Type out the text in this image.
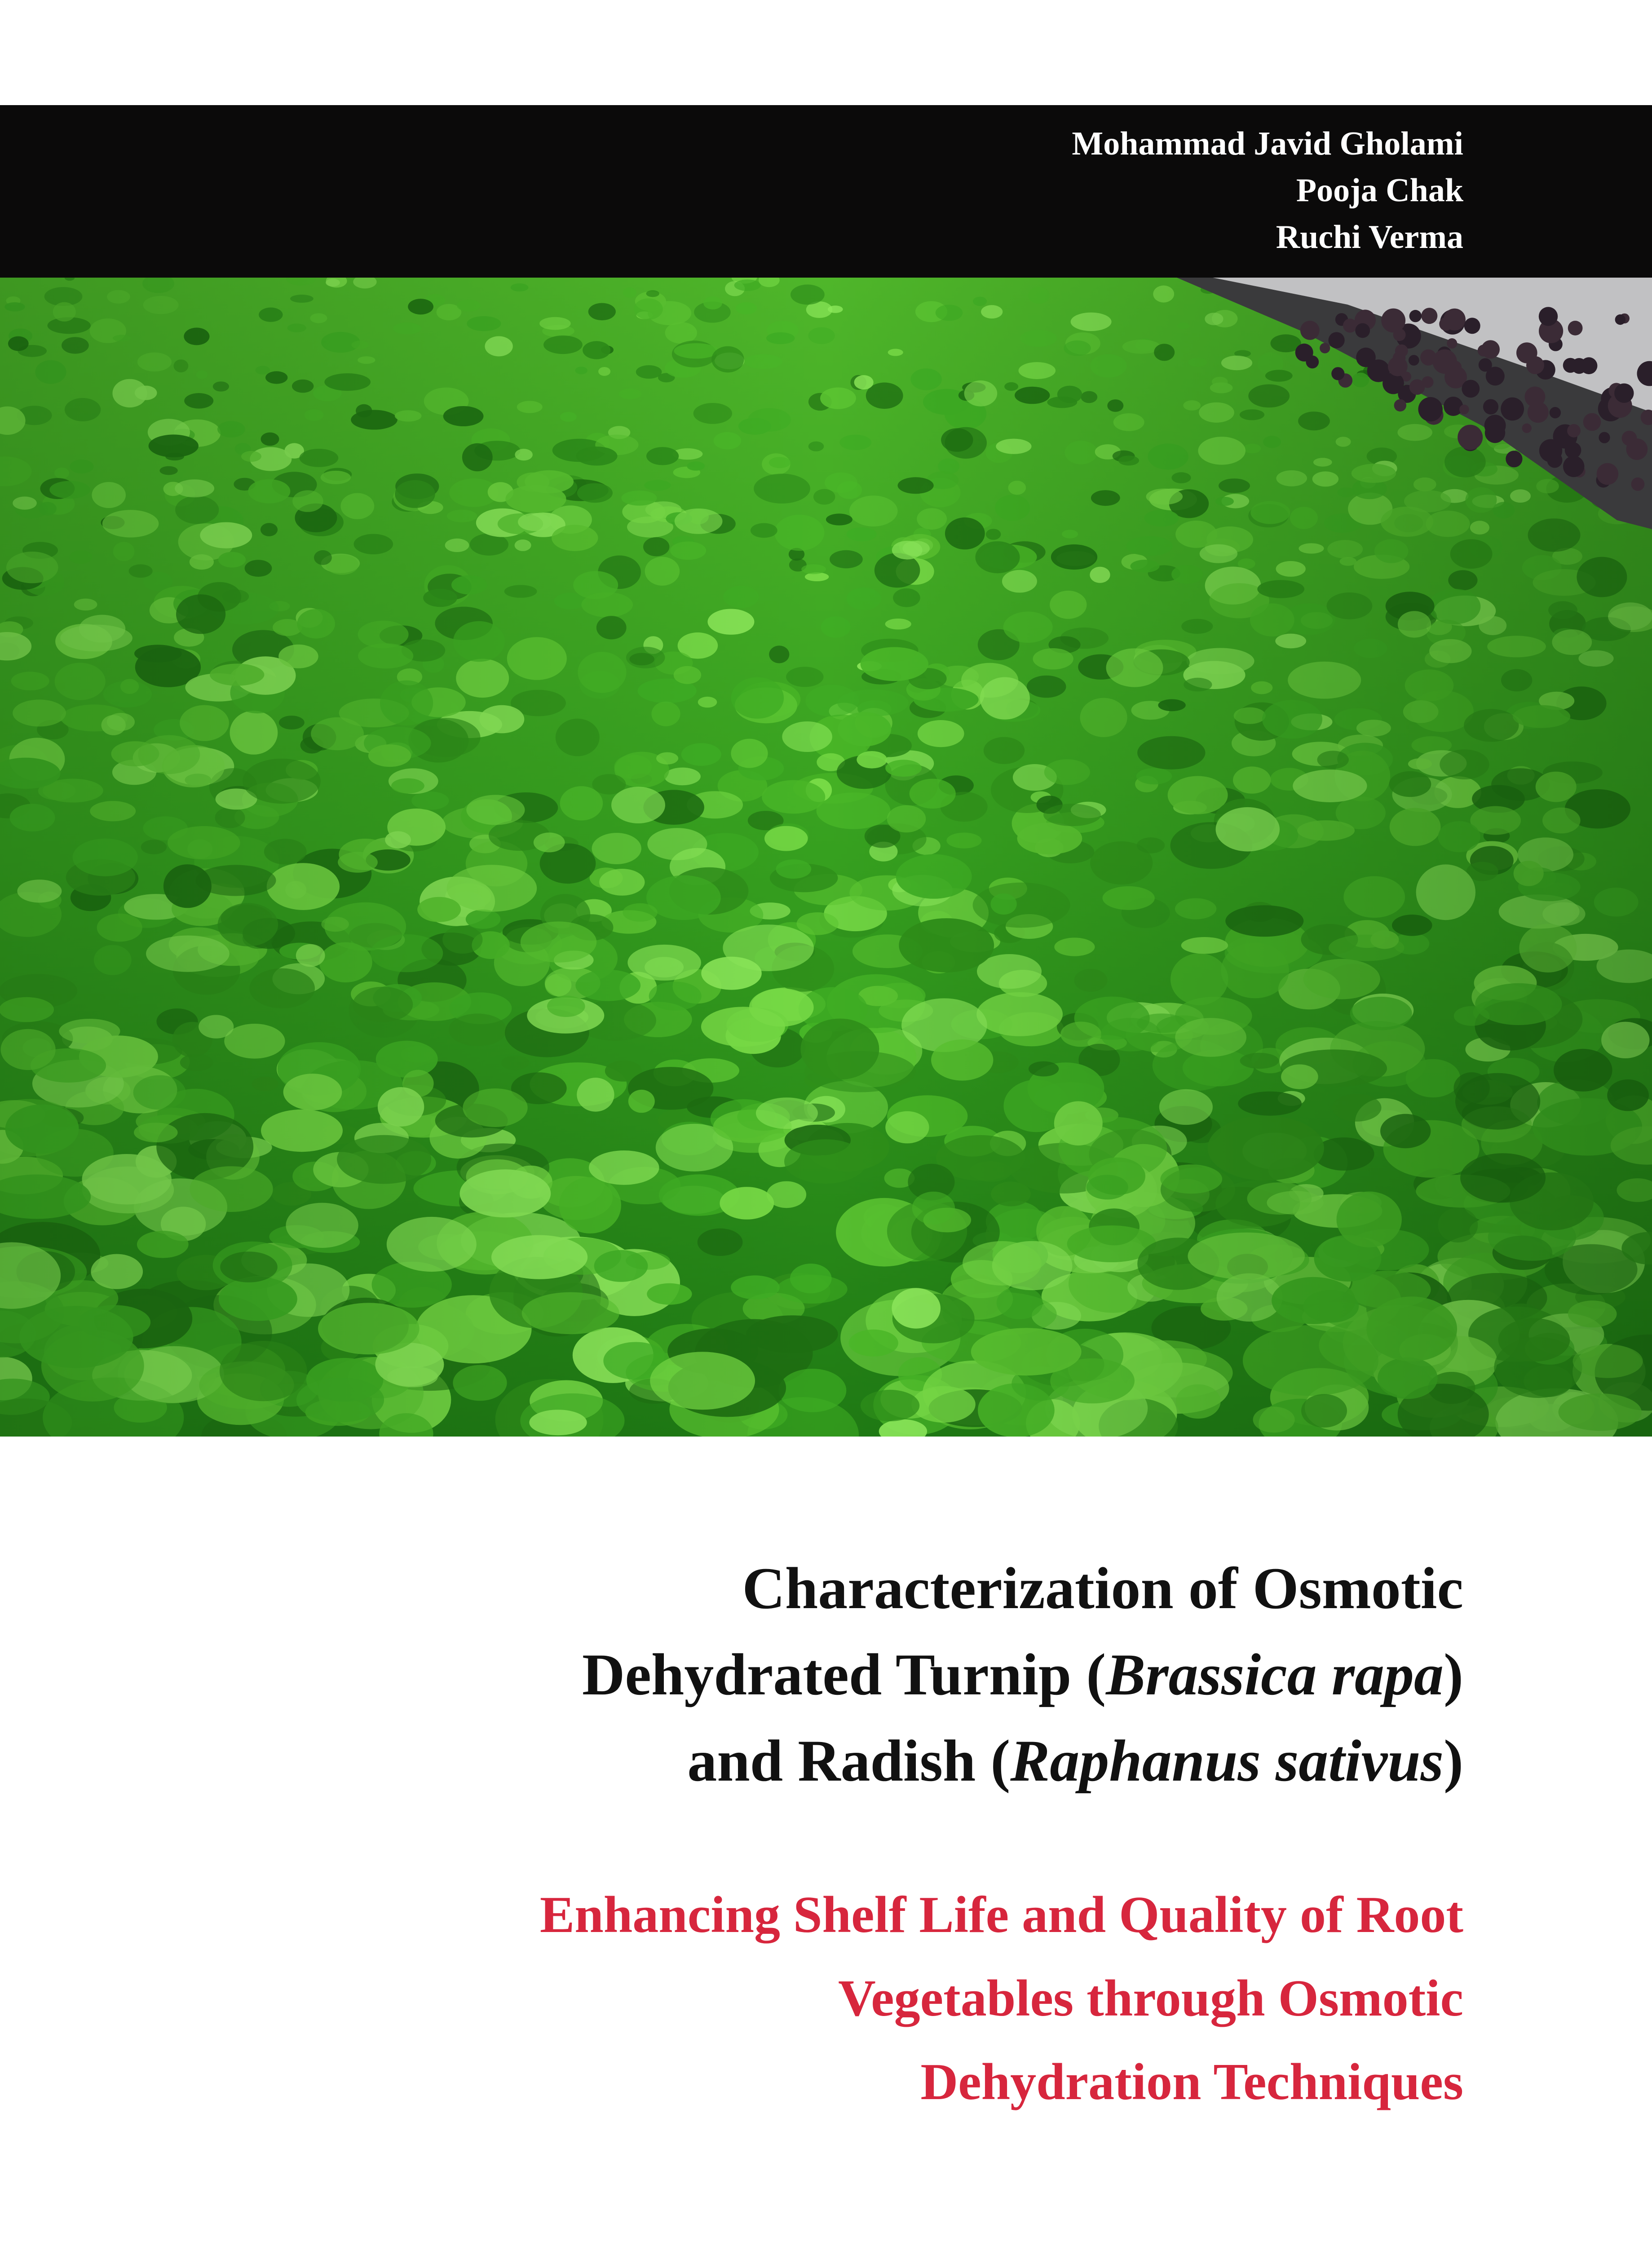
Mohammad Javid Gholami
Pooja Chak
Ruchi Verma
Characterization of Osmotic
Dehydrated Turnip (Brassica rapa)
and Radish (Raphanus sativus)
Enhancing Shelf Life and Quality of Root
Vegetables through Osmotic
Dehydration Techniques
